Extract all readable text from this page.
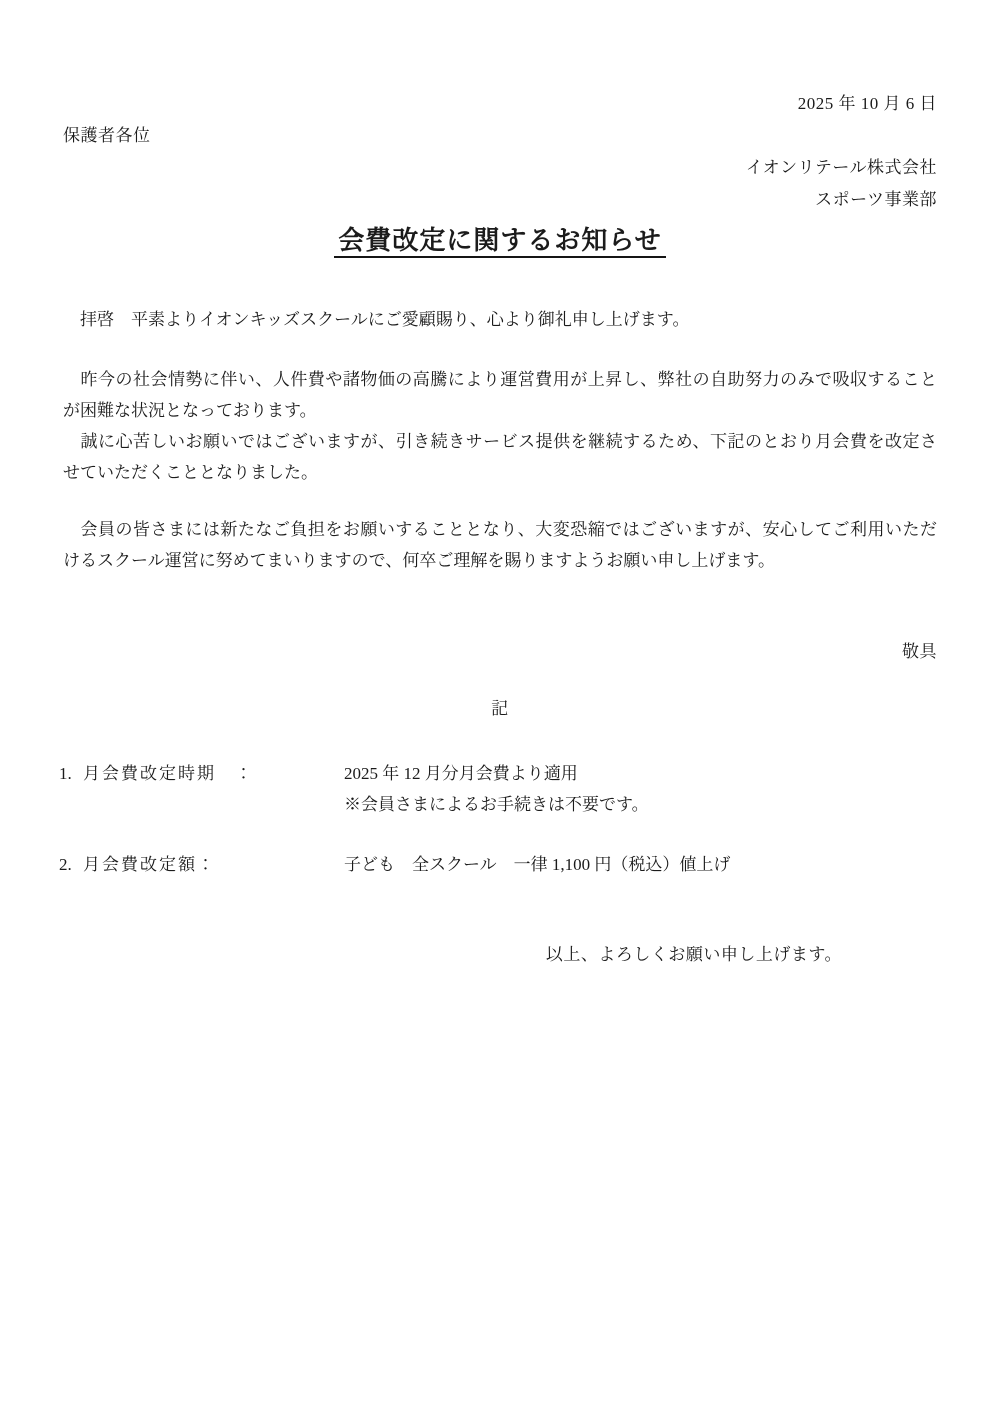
2025 年 10 月 6 日
保護者各位
イオンリテール株式会社
スポーツ事業部
会費改定に関するお知らせ
　拝啓　平素よりイオンキッズスクールにご愛顧賜り、心より御礼申し上げます。
　昨今の社会情勢に伴い、人件費や諸物価の高騰により運営費用が上昇し、弊社の自助努力のみで吸収すること
が困難な状況となっております。
　誠に心苦しいお願いではございますが、引き続きサービス提供を継続するため、下記のとおり月会費を改定さ
せていただくこととなりました。
　会員の皆さまには新たなご負担をお願いすることとなり、大変恐縮ではございますが、安心してご利用いただ
けるスクール運営に努めてまいりますので、何卒ご理解を賜りますようお願い申し上げます。
敬具
記
1. 月会費改定時期　：	2025 年 12 月分月会費より適用
※会員さまによるお手続きは不要です。
2. 月会費改定額：	子ども　全スクール　一律 1,100 円（税込）値上げ
以上、よろしくお願い申し上げます。
